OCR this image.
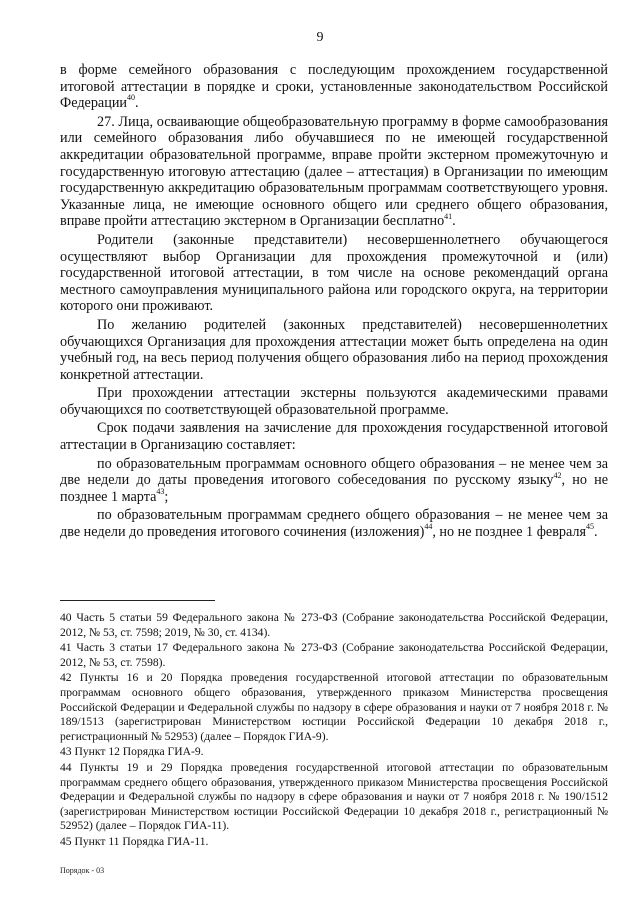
9

в форме семейного образования с последующим прохождением государственной итоговой аттестации в порядке и сроки, установленные законодательством Российской Федерации$^{40}$.

27. Лица, осваивающие общеобразовательную программу в форме самообразования или семейного образования либо обучавшиеся по не имеющей государственной аккредитации образовательной программе, вправе пройти экстерном промежуточную и государственную итоговую аттестацию (далее – аттестация) в Организации по имеющим государственную аккредитацию образовательным программам соответствующего уровня. Указанные лица, не имеющие основного общего или среднего общего образования, вправе пройти аттестацию экстерном в Организации бесплатно$^{41}$.

Родители (законные представители) несовершеннолетнего обучающегося осуществляют выбор Организации для прохождения промежуточной и (или) государственной итоговой аттестации, в том числе на основе рекомендаций органа местного самоуправления муниципального района или городского округа, на территории которого они проживают.

По желанию родителей (законных представителей) несовершеннолетних обучающихся Организация для прохождения аттестации может быть определена на один учебный год, на весь период получения общего образования либо на период прохождения конкретной аттестации.

При прохождении аттестации экстерны пользуются академическими правами обучающихся по соответствующей образовательной программе.

Срок подачи заявления на зачисление для прохождения государственной итоговой аттестации в Организацию составляет:

по образовательным программам основного общего образования – не менее чем за две недели до даты проведения итогового собеседования по русскому языку$^{42}$, но не позднее 1 марта$^{43}$;

по образовательным программам среднего общего образования – не менее чем за две недели до проведения итогового сочинения (изложения)$^{44}$, но не позднее 1 февраля$^{45}$.

40 Часть 5 статьи 59 Федерального закона № 273-ФЗ (Собрание законодательства Российской Федерации, 2012, № 53, ст. 7598; 2019, № 30, ст. 4134).

41 Часть 3 статьи 17 Федерального закона № 273-ФЗ (Собрание законодательства Российской Федерации, 2012, № 53, ст. 7598).

42 Пункты 16 и 20 Порядка проведения государственной итоговой аттестации по образовательным программам основного общего образования, утвержденного приказом Министерства просвещения Российской Федерации и Федеральной службы по надзору в сфере образования и науки от 7 ноября 2018 г. № 189/1513 (зарегистрирован Министерством юстиции Российской Федерации 10 декабря 2018 г., регистрационный № 52953) (далее – Порядок ГИА-9).

43 Пункт 12 Порядка ГИА-9.

44 Пункты 19 и 29 Порядка проведения государственной итоговой аттестации по образовательным программам среднего общего образования, утвержденного приказом Министерства просвещения Российской Федерации и Федеральной службы по надзору в сфере образования и науки от 7 ноября 2018 г. № 190/1512 (зарегистрирован Министерством юстиции Российской Федерации 10 декабря 2018 г., регистрационный № 52952) (далее – Порядок ГИА-11).

45 Пункт 11 Порядка ГИА-11.

Порядок - 03
